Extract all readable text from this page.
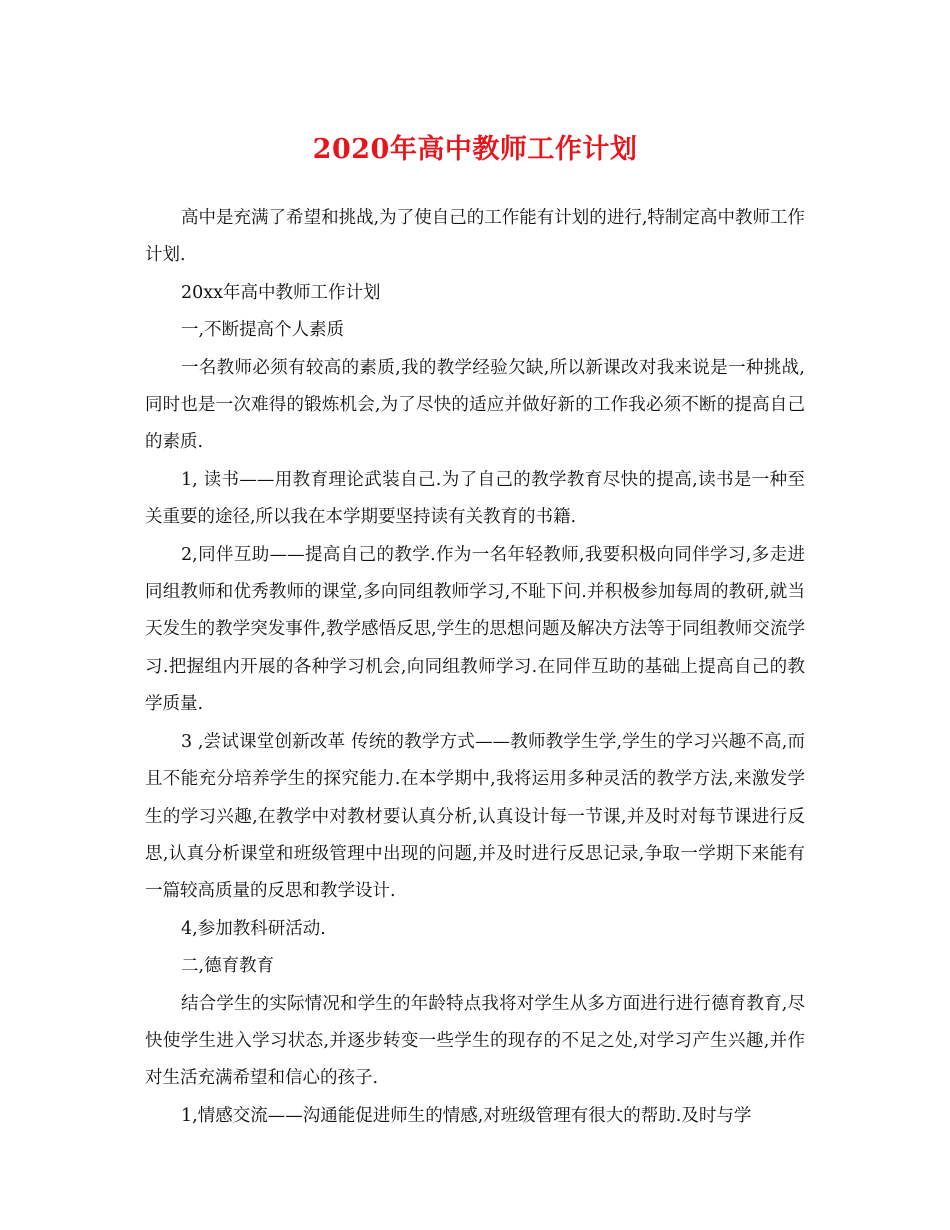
2020年高中教师工作计划

高中是充满了希望和挑战,为了使自己的工作能有计划的进行,特制定高中教师工作计划.

20xx年高中教师工作计划

一,不断提高个人素质

一名教师必须有较高的素质,我的教学经验欠缺,所以新课改对我来说是一种挑战,同时也是一次难得的锻炼机会,为了尽快的适应并做好新的工作我必须不断的提高自己的素质.

1, 读书——用教育理论武装自己.为了自己的教学教育尽快的提高,读书是一种至关重要的途径,所以我在本学期要坚持读有关教育的书籍.

2,同伴互助——提高自己的教学.作为一名年轻教师,我要积极向同伴学习,多走进同组教师和优秀教师的课堂,多向同组教师学习,不耻下问.并积极参加每周的教研,就当天发生的教学突发事件,教学感悟反思,学生的思想问题及解决方法等于同组教师交流学习.把握组内开展的各种学习机会,向同组教师学习.在同伴互助的基础上提高自己的教学质量.

3 ,尝试课堂创新改革 传统的教学方式——教师教学生学,学生的学习兴趣不高,而且不能充分培养学生的探究能力.在本学期中,我将运用多种灵活的教学方法,来激发学生的学习兴趣,在教学中对教材要认真分析,认真设计每一节课,并及时对每节课进行反思,认真分析课堂和班级管理中出现的问题,并及时进行反思记录,争取一学期下来能有一篇较高质量的反思和教学设计.

4,参加教科研活动.

二,德育教育

结合学生的实际情况和学生的年龄特点我将对学生从多方面进行进行德育教育,尽快使学生进入学习状态,并逐步转变一些学生的现存的不足之处,对学习产生兴趣,并作对生活充满希望和信心的孩子.

1,情感交流——沟通能促进师生的情感,对班级管理有很大的帮助.及时与学
